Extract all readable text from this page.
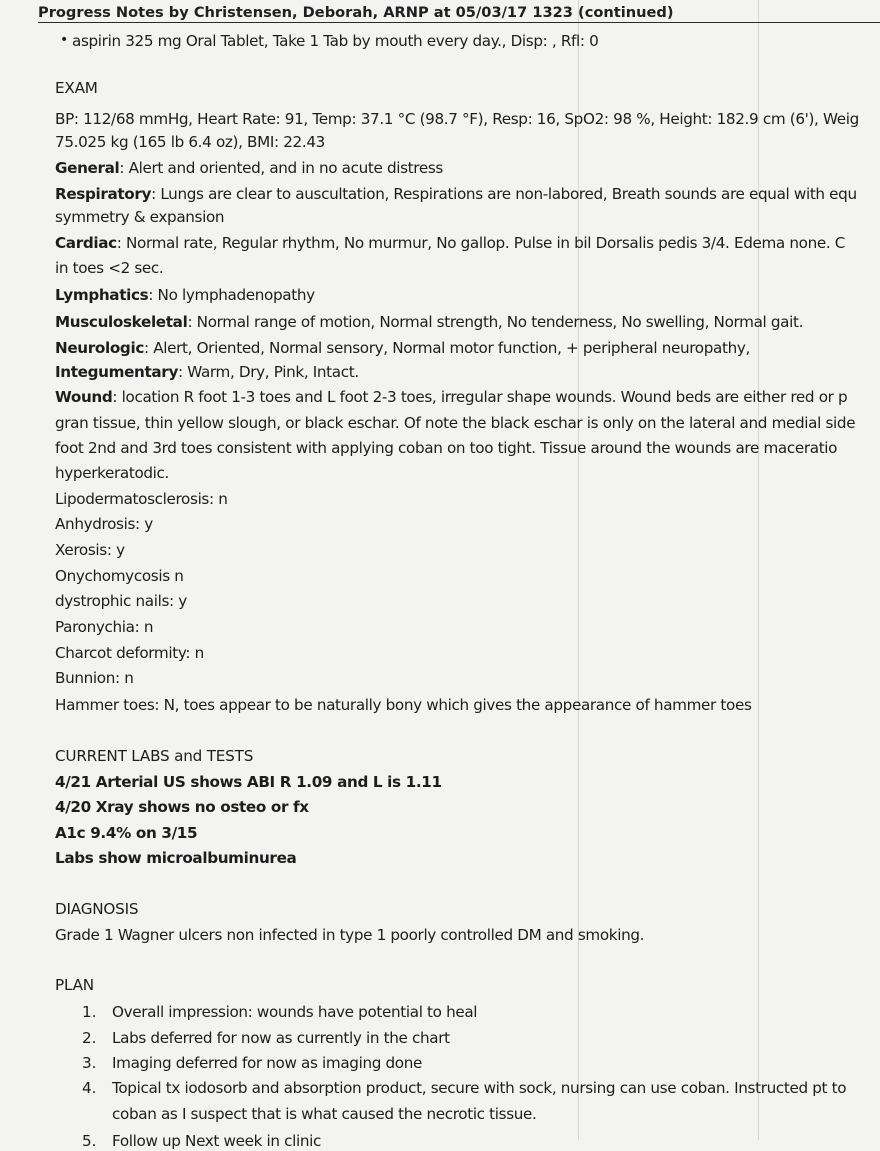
Progress Notes by Christensen, Deborah, ARNP at 05/03/17 1323 (continued)
• aspirin 325 mg Oral Tablet, Take 1 Tab by mouth every day., Disp: , Rfl: 0
EXAM
BP: 112/68 mmHg, Heart Rate: 91, Temp: 37.1 °C (98.7 °F), Resp: 16, SpO2: 98 %, Height: 182.9 cm (6'), Weig
75.025 kg (165 lb 6.4 oz), BMI: 22.43
General: Alert and oriented, and in no acute distress
Respiratory: Lungs are clear to auscultation, Respirations are non-labored, Breath sounds are equal with equ
symmetry & expansion
Cardiac: Normal rate, Regular rhythm, No murmur, No gallop. Pulse in bil Dorsalis pedis 3/4. Edema none. C
in toes <2 sec.
Lymphatics: No lymphadenopathy
Musculoskeletal: Normal range of motion, Normal strength, No tenderness, No swelling, Normal gait.
Neurologic: Alert, Oriented, Normal sensory, Normal motor function, + peripheral neuropathy,
Integumentary: Warm, Dry, Pink, Intact.
Wound: location R foot 1-3 toes and L foot 2-3 toes, irregular shape wounds. Wound beds are either red or p
gran tissue, thin yellow slough, or black eschar. Of note the black eschar is only on the lateral and medial side
foot 2nd and 3rd toes consistent with applying coban on too tight. Tissue around the wounds are maceratio
hyperkeratodic.
Lipodermatosclerosis: n
Anhydrosis: y
Xerosis: y
Onychomycosis n
dystrophic nails: y
Paronychia: n
Charcot deformity: n
Bunnion: n
Hammer toes: N, toes appear to be naturally bony which gives the appearance of hammer toes
CURRENT LABS and TESTS
4/21 Arterial US shows ABI R 1.09 and L is 1.11
4/20 Xray shows no osteo or fx
A1c 9.4% on 3/15
Labs show microalbuminurea
DIAGNOSIS
Grade 1 Wagner ulcers non infected in type 1 poorly controlled DM and smoking.
PLAN
1. Overall impression: wounds have potential to heal
2. Labs deferred for now as currently in the chart
3. Imaging deferred for now as imaging done
4. Topical tx iodosorb and absorption product, secure with sock, nursing can use coban. Instructed pt to
coban as I suspect that is what caused the necrotic tissue.
5. Follow up Next week in clinic
